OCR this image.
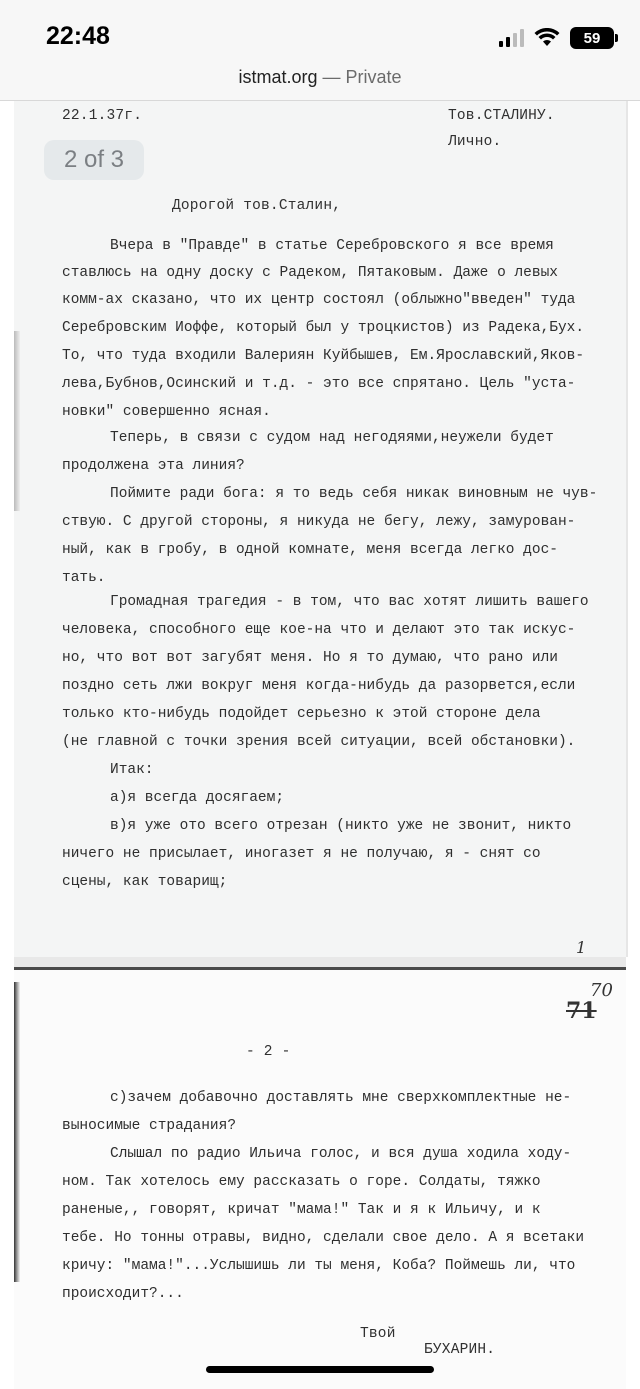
22:48	59
istmat.org — Private
22.1.37г.	Тов.СТАЛИНУ.
Лично.
2 of 3
Дорогой тов.Сталин,
Вчера в "Правде" в статье Серебровского я все время
ставлюсь на одну доску с Радеком, Пятаковым. Даже о левых
комм-ах сказано, что их центр состоял (облыжно"введен" туда
Серебровским Иоффе, который был у троцкистов) из Радека,Бух.
То, что туда входили Валериян Куйбышев, Ем.Ярославский,Яков-
лева,Бубнов,Осинский и т.д. - это все спрятано. Цель "уста-
новки" совершенно ясная.
Теперь, в связи с судом над негодяями,неужели будет
продолжена эта линия?
Поймите ради бога: я то ведь себя никак виновным не чув-
ствую. С другой стороны, я никуда не бегу, лежу, замурован-
ный, как в гробу, в одной комнате, меня всегда легко дос-
тать.
Громадная трагедия - в том, что вас хотят лишить вашего
человека, способного еще кое-на что и делают это так искус-
но, что вот вот загубят меня. Но я то думаю, что рано или
поздно сеть лжи вокруг меня когда-нибудь да разорвется,если
только кто-нибудь подойдет серьезно к этой стороне дела
(не главной с точки зрения всей ситуации, всей обстановки).
Итак:
а)я всегда досягаем;
в)я уже ото всего отрезан (никто уже не звонит, никто
ничего не присылает, иногазет я не получаю, я - снят со
сцены, как товарищ;
1
70
71
- 2 -
с)зачем добавочно доставлять мне сверхкомплектные не-
выносимые страдания?
Слышал по радио Ильича голос, и вся душа ходила ходу-
ном. Так хотелось ему рассказать о горе. Солдаты, тяжко
раненые,, говорят, кричат "мама!" Так и я к Ильичу, и к
тебе. Но тонны отравы, видно, сделали свое дело. А я всетаки
кричу: "мама!"...Услышишь ли ты меня, Коба? Поймешь ли, что
происходит?...
Твой
БУХАРИН.
